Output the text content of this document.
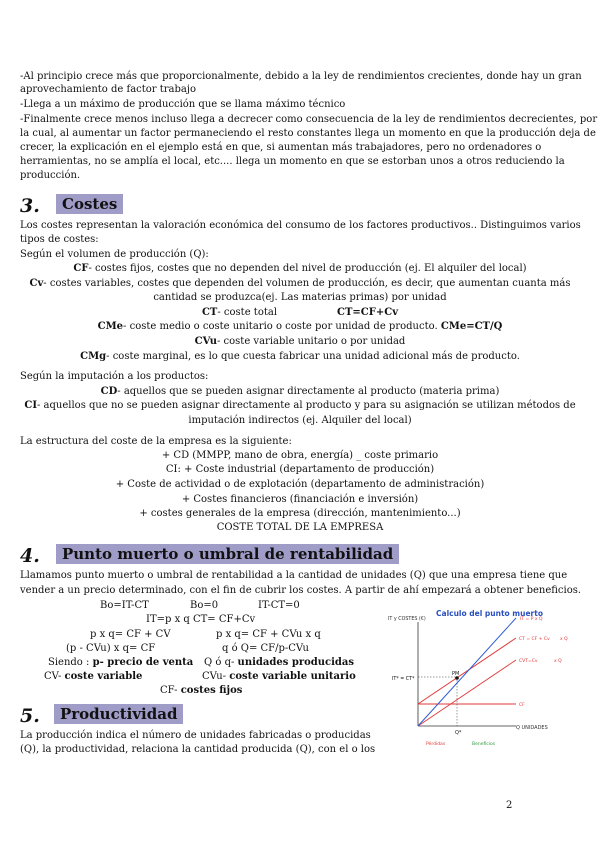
-Al principio crece más que proporcionalmente, debido a la ley de rendimientos crecientes, donde hay un gran
aprovechamiento de factor trabajo
-Llega a un máximo de producción que se llama máximo técnico
-Finalmente crece menos incluso llega a decrecer como consecuencia de la ley de rendimientos decrecientes, por
la cual, al aumentar un factor permaneciendo el resto constantes llega un momento en que la producción deja de
crecer, la explicación en el ejemplo está en que, si aumentan más trabajadores, pero no ordenadores o
herramientas, no se amplía el local, etc.... llega un momento en que se estorban unos a otros reduciendo la
producción.
3.	Costes
Los costes representan la valoración económica del consumo de los factores productivos.. Distinguimos varios
tipos de costes:
Según el volumen de producción (Q):
CF- costes fijos, costes que no dependen del nivel de producción (ej. El alquiler del local)
Cv- costes variables, costes que dependen del volumen de producción, es decir, que aumentan cuanta más
cantidad se produzca(ej. Las materias primas) por unidad
CT- coste total	CT=CF+Cv
CMe- coste medio o coste unitario o coste por unidad de producto. CMe=CT/Q
CVu- coste variable unitario o por unidad
CMg- coste marginal, es lo que cuesta fabricar una unidad adicional más de producto.
Según la imputación a los productos:
CD- aquellos que se pueden asignar directamente al producto (materia prima)
CI- aquellos que no se pueden asignar directamente al producto y para su asignación se utilizan métodos de
imputación indirectos (ej. Alquiler del local)
La estructura del coste de la empresa es la siguiente:
+ CD (MMPP, mano de obra, energía) _ coste primario
CI: + Coste industrial (departamento de producción)
+ Coste de actividad o de explotación (departamento de administración)
+ Costes financieros (financiación e inversión)
+ costes generales de la empresa (dirección, mantenimiento...)
COSTE TOTAL DE LA EMPRESA
4.	Punto muerto o umbral de rentabilidad
Llamamos punto muerto o umbral de rentabilidad a la cantidad de unidades (Q) que una empresa tiene que
vender a un precio determinado, con el fin de cubrir los costes. A partir de ahí empezará a obtener beneficios.
Bo=IT-CT	Bo=0	IT-CT=0
IT=p x q CT= CF+Cv
p x q= CF + CV	p x q= CF + CVu x q
(p - CVu) x q= CF	q ó Q= CF/p-CVu
Siendo : p- precio de venta Q ó q- unidades producidas
CV- coste variable	CVu- coste variable unitario
CF- costes fijos
Calculo del punto muerto
IT y COSTES (€)
Q UNIDADES
PM
IT* = CT*
IT = P x Q
CT = CF + Cv x Q
CVT=Cv	x Q
CF
Q*
Pérdidas	Beneficios
5.	Productividad
La producción indica el número de unidades fabricadas o producidas
(Q), la productividad, relaciona la cantidad producida (Q), con el o los
2
